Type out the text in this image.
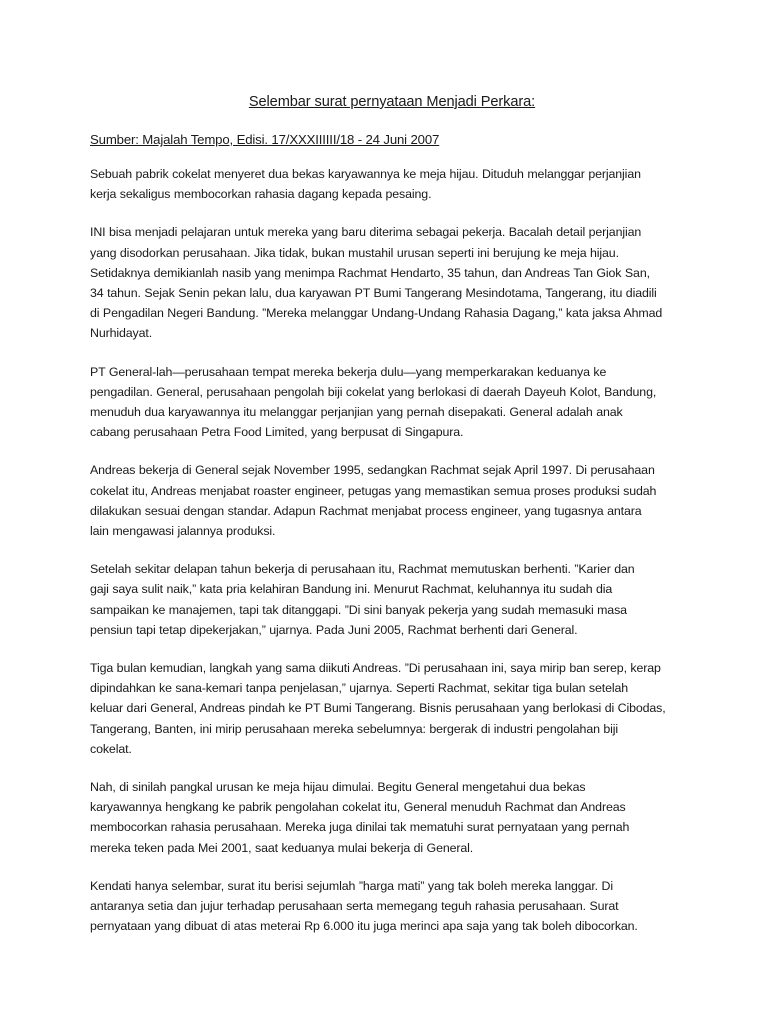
Selembar surat pernyataan Menjadi Perkara:
Sumber: Majalah Tempo, Edisi. 17/XXXIIIIII/18 - 24 Juni 2007

Sebuah pabrik cokelat menyeret dua bekas karyawannya ke meja hijau. Dituduh melanggar perjanjian
kerja sekaligus membocorkan rahasia dagang kepada pesaing.

INI bisa menjadi pelajaran untuk mereka yang baru diterima sebagai pekerja. Bacalah detail perjanjian
yang disodorkan perusahaan. Jika tidak, bukan mustahil urusan seperti ini berujung ke meja hijau.
Setidaknya demikianlah nasib yang menimpa Rachmat Hendarto, 35 tahun, dan Andreas Tan Giok San,
34 tahun. Sejak Senin pekan lalu, dua karyawan PT Bumi Tangerang Mesindotama, Tangerang, itu diadili
di Pengadilan Negeri Bandung. ”Mereka melanggar Undang-Undang Rahasia Dagang,” kata jaksa Ahmad
Nurhidayat.

PT General-lah—perusahaan tempat mereka bekerja dulu—yang memperkarakan keduanya ke
pengadilan. General, perusahaan pengolah biji cokelat yang berlokasi di daerah Dayeuh Kolot, Bandung,
menuduh dua karyawannya itu melanggar perjanjian yang pernah disepakati. General adalah anak
cabang perusahaan Petra Food Limited, yang berpusat di Singapura.

Andreas bekerja di General sejak November 1995, sedangkan Rachmat sejak April 1997. Di perusahaan
cokelat itu, Andreas menjabat roaster engineer, petugas yang memastikan semua proses produksi sudah
dilakukan sesuai dengan standar. Adapun Rachmat menjabat process engineer, yang tugasnya antara
lain mengawasi jalannya produksi.

Setelah sekitar delapan tahun bekerja di perusahaan itu, Rachmat memutuskan berhenti. ”Karier dan
gaji saya sulit naik,” kata pria kelahiran Bandung ini. Menurut Rachmat, keluhannya itu sudah dia
sampaikan ke manajemen, tapi tak ditanggapi. ”Di sini banyak pekerja yang sudah memasuki masa
pensiun tapi tetap dipekerjakan,” ujarnya. Pada Juni 2005, Rachmat berhenti dari General.

Tiga bulan kemudian, langkah yang sama diikuti Andreas. ”Di perusahaan ini, saya mirip ban serep, kerap
dipindahkan ke sana-kemari tanpa penjelasan,” ujarnya. Seperti Rachmat, sekitar tiga bulan setelah
keluar dari General, Andreas pindah ke PT Bumi Tangerang. Bisnis perusahaan yang berlokasi di Cibodas,
Tangerang, Banten, ini mirip perusahaan mereka sebelumnya: bergerak di industri pengolahan biji
cokelat.

Nah, di sinilah pangkal urusan ke meja hijau dimulai. Begitu General mengetahui dua bekas
karyawannya hengkang ke pabrik pengolahan cokelat itu, General menuduh Rachmat dan Andreas
membocorkan rahasia perusahaan. Mereka juga dinilai tak mematuhi surat pernyataan yang pernah
mereka teken pada Mei 2001, saat keduanya mulai bekerja di General.

Kendati hanya selembar, surat itu berisi sejumlah ”harga mati” yang tak boleh mereka langgar. Di
antaranya setia dan jujur terhadap perusahaan serta memegang teguh rahasia perusahaan. Surat
pernyataan yang dibuat di atas meterai Rp 6.000 itu juga merinci apa saja yang tak boleh dibocorkan.
